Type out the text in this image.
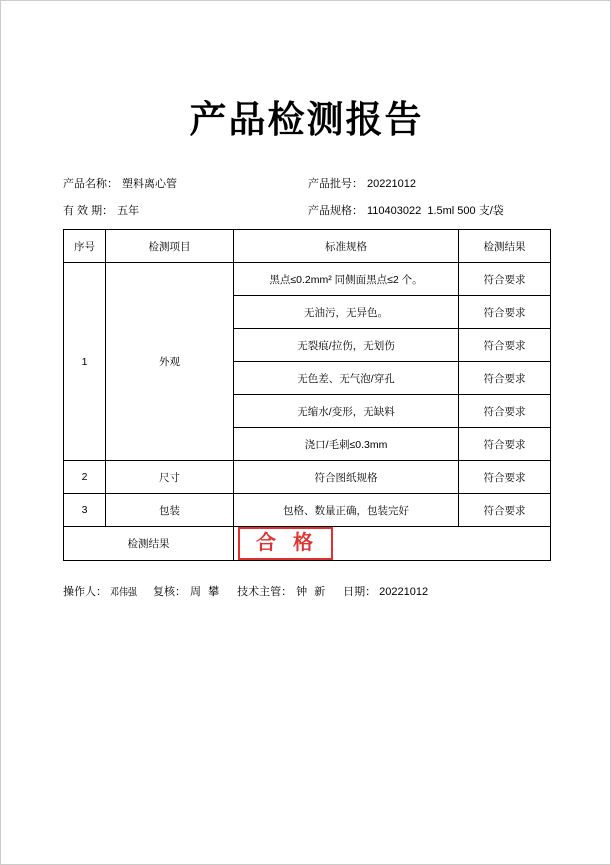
产品检测报告
产品名称： 塑料离心管	产品批号： 20221012
有 效 期： 五年	产品规格： 110403022  1.5ml 500 支/袋
序号	检测项目	标准规格	检测结果
1	外观	黑点≤0.2mm² 同侧面黑点≤2 个。	符合要求
		无油污，无异色。	符合要求
		无裂痕/拉伤，无划伤	符合要求
		无色差、无气泡/穿孔	符合要求
		无缩水/变形，无缺料	符合要求
		浇口/毛刺≤0.3mm	符合要求
2	尺寸	符合图纸规格	符合要求
3	包装	包格、数量正确，包装完好	符合要求
检测结果		合 格	
操作人： 邓伟强 复核： 周 攀 技术主管： 钟 新 日期： 20221012
